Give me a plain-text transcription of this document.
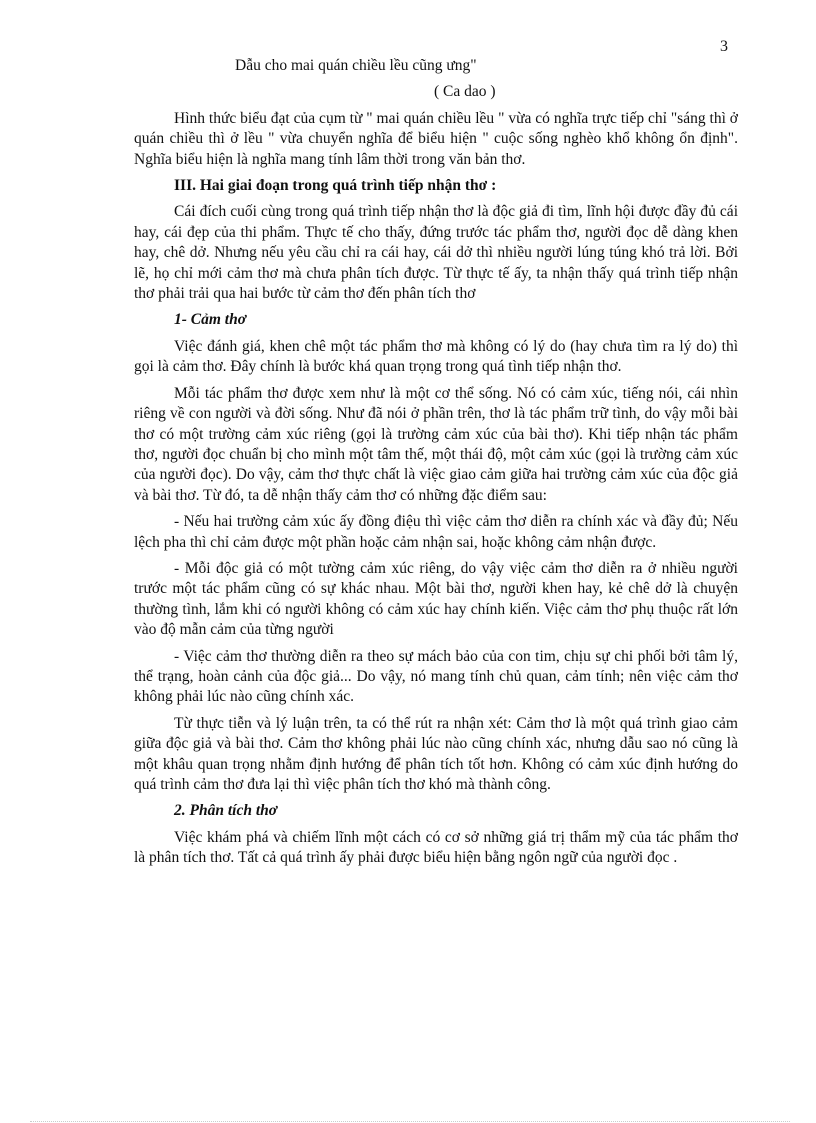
3

Dẫu cho mai quán chiều lều cũng ưng"

( Ca dao )

Hình thức biểu đạt của cụm từ " mai quán chiều lều " vừa có nghĩa trực tiếp chỉ "sáng thì ở quán chiều thì ở lều " vừa chuyển nghĩa để biểu hiện " cuộc sống nghèo khổ không ổn định". Nghĩa biểu hiện là nghĩa mang tính lâm thời trong văn bản thơ.

III. Hai giai đoạn trong quá trình tiếp nhận thơ :

Cái đích cuối cùng trong quá trình tiếp nhận thơ là độc giả đi tìm, lĩnh hội được đầy đủ cái hay, cái đẹp của thi phẩm. Thực tế cho thấy, đứng trước tác phẩm thơ, người đọc dễ dàng khen hay, chê dở. Nhưng nếu yêu cầu chỉ ra cái hay, cái dở thì nhiều người lúng túng khó trả lời. Bởi lẽ, họ chỉ mới cảm thơ mà chưa phân tích được. Từ thực tế ấy, ta nhận thấy quá trình tiếp nhận thơ phải trải qua hai bước từ cảm thơ đến phân tích thơ

1- Cảm thơ

Việc đánh giá, khen chê một tác phẩm thơ mà không có lý do (hay chưa tìm ra lý do) thì gọi là cảm thơ. Đây chính là bước khá quan trọng trong quá tình tiếp nhận thơ.

Mỗi tác phẩm thơ được xem như là một cơ thể sống. Nó có cảm xúc, tiếng nói, cái nhìn riêng về con người và đời sống. Như đã nói ở phần trên, thơ là tác phẩm trữ tình, do vậy mỗi bài thơ có một trường cảm xúc riêng (gọi là trường cảm xúc của bài thơ). Khi tiếp nhận tác phẩm thơ, người đọc chuẩn bị cho mình một tâm thế, một thái độ, một cảm xúc (gọi là trường cảm xúc của người đọc). Do vậy, cảm thơ thực chất là việc giao cảm giữa hai trường cảm xúc của độc giả và bài thơ. Từ đó, ta dễ nhận thấy cảm thơ có những đặc điểm sau:

- Nếu hai trường cảm xúc ấy đồng điệu thì việc cảm thơ diễn ra chính xác và đầy đủ; Nếu lệch pha thì chỉ cảm được một phần hoặc cảm nhận sai, hoặc không cảm nhận được.

- Mỗi độc giả có một tường cảm xúc riêng, do vậy việc cảm thơ diễn ra ở nhiều người trước một tác phẩm cũng có sự khác nhau. Một bài thơ, người khen hay, kẻ chê dở là chuyện thường tình, lắm khi có người không có cảm xúc hay chính kiến. Việc cảm thơ phụ thuộc rất lớn vào độ mẫn cảm của từng người

- Việc cảm thơ thường diễn ra theo sự mách bảo của con tim, chịu sự chi phối bởi tâm lý, thể trạng, hoàn cảnh của độc giả... Do vậy, nó mang tính chủ quan, cảm tính; nên việc cảm thơ không phải lúc nào cũng chính xác.

Từ thực tiễn và lý luận trên, ta có thể rút ra nhận xét: Cảm thơ là một quá trình giao cảm giữa độc giả và bài thơ. Cảm thơ không phải lúc nào cũng chính xác, nhưng dẫu sao nó cũng là một khâu quan trọng nhằm định hướng để phân tích tốt hơn. Không có cảm xúc định hướng do quá trình cảm thơ đưa lại thì việc phân tích thơ khó mà thành công.

2. Phân tích thơ

Việc khám phá và chiếm lĩnh một cách có cơ sở những giá trị thẩm mỹ của tác phẩm thơ là phân tích thơ. Tất cả quá trình ấy phải được biểu hiện bằng ngôn ngữ của người đọc .
